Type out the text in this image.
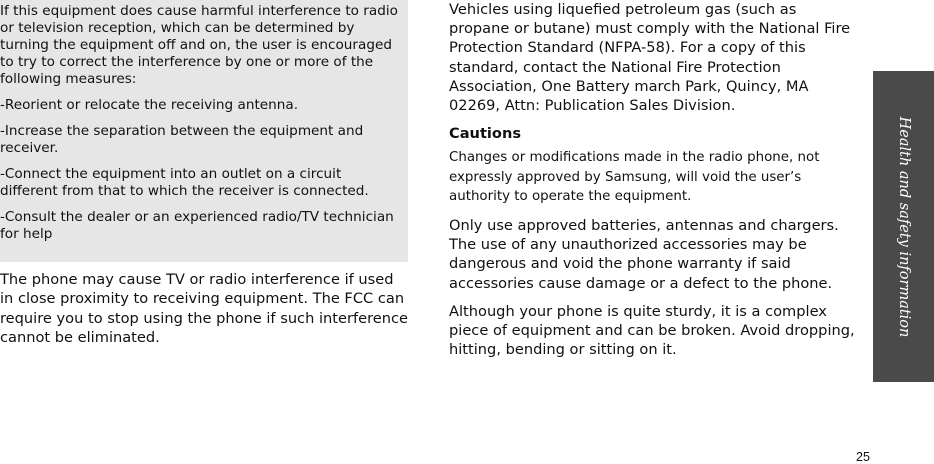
If this equipment does cause harmful interference to radio or television reception, which can be determined by turning the equipment off and on, the user is encouraged to try to correct the interference by one or more of the following measures:

-Reorient or relocate the receiving antenna.

-Increase the separation between the equipment and receiver.

-Connect the equipment into an outlet on a circuit different from that to which the receiver is connected.

-Consult the dealer or an experienced radio/TV technician for help

The phone may cause TV or radio interference if used in close proximity to receiving equipment. The FCC can require you to stop using the phone if such interference cannot be eliminated.

Vehicles using liquefied petroleum gas (such as propane or butane) must comply with the National Fire Protection Standard (NFPA-58). For a copy of this standard, contact the National Fire Protection Association, One Battery march Park, Quincy, MA 02269, Attn: Publication Sales Division.

Cautions

Changes or modifications made in the radio phone, not expressly approved by Samsung, will void the user’s authority to operate the equipment.

Only use approved batteries, antennas and chargers. The use of any unauthorized accessories may be dangerous and void the phone warranty if said accessories cause damage or a defect to the phone.

Although your phone is quite sturdy, it is a complex piece of equipment and can be broken. Avoid dropping, hitting, bending or sitting on it.

Health and safety information
25
